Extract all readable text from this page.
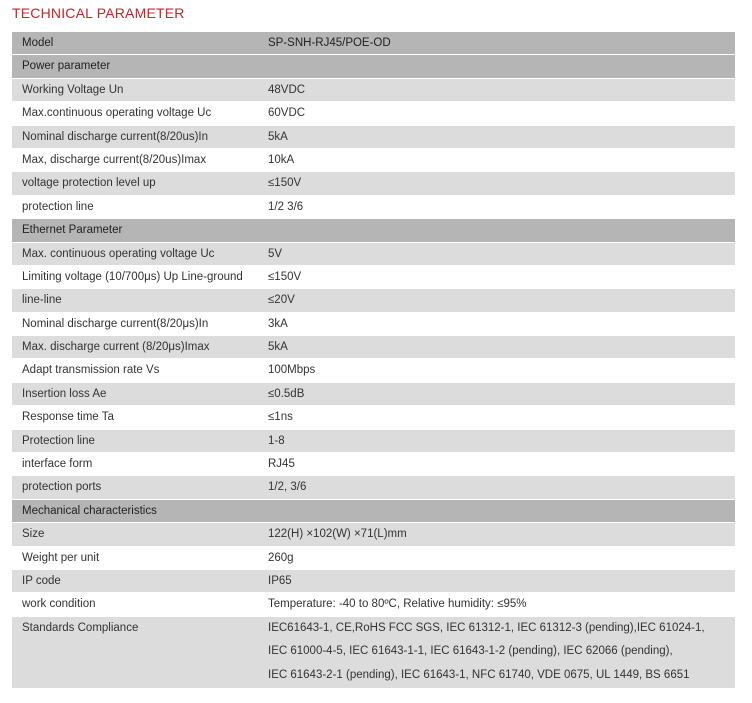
TECHNICAL PARAMETER
Model	SP-SNH-RJ45/POE-OD
Power parameter
Working Voltage Un	48VDC
Max.continuous operating voltage Uc	60VDC
Nominal discharge current(8/20us)In	5kA
Max, discharge current(8/20us)Imax	10kA
voltage protection level up	≤150V
protection line	1/2 3/6
Ethernet Parameter
Max. continuous operating voltage Uc	5V
Limiting voltage (10/700μs) Up Line-ground	≤150V
line-line	≤20V
Nominal discharge current(8/20μs)In	3kA
Max. discharge current (8/20μs)Imax	5kA
Adapt transmission rate Vs	100Mbps
Insertion loss Ae	≤0.5dB
Response time Ta	≤1ns
Protection line	1-8
interface form	RJ45
protection ports	1/2, 3/6
Mechanical characteristics
Size	122(H) ×102(W) ×71(L)mm
Weight per unit	260g
IP code	IP65
work condition	Temperature: -40 to 80ºC, Relative humidity: ≤95%
Standards Compliance	IEC61643-1, CE,RoHS FCC SGS, IEC 61312-1, IEC 61312-3 (pending),IEC 61024-1,
IEC 61000-4-5, IEC 61643-1-1, IEC 61643-1-2 (pending), IEC 62066 (pending),
IEC 61643-2-1 (pending), IEC 61643-1, NFC 61740, VDE 0675, UL 1449, BS 6651
